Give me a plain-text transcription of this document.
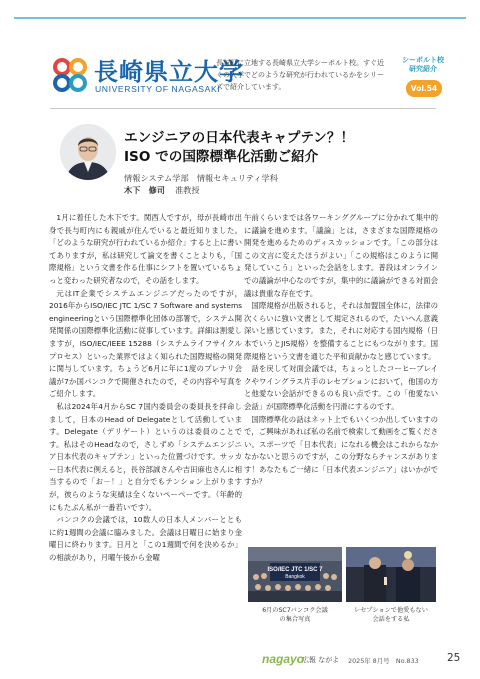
長崎県立大学
UNIVERSITY OF NAGASAKI
長与町に立地する長崎県立大学シーボルト校。すぐ近くの大学でどのような研究が行われているかをシリーズで紹介しています。
シーボルト校
研究紹介
Vol.54
エンジニアの日本代表キャプテン？！
ISO での国際標準化活動ご紹介
情報システム学部　情報セキュリティ学科
木下　修司 准教授

1月に着任した木下です。関西人ですが，母が長崎市出身で長与町内にも親戚が住んでいると最近知りました。「どのような研究が行われているか紹介」すると上に書いてありますが，私は研究して論文を書くことよりも，「国際規格」という文書を作る仕事にシフトを置いているちょっと変わった研究者なので，その話をします。

元はIT企業でシステムエンジニアだったのですが，2016年からISO/IEC JTC 1/SC 7 Software and systems engineeringという国際標準化団体の部署で，システム開発関係の国際標準化活動に従事しています。詳細は割愛しますが，ISO/IEC/IEEE 15288（システムライフサイクルプロセス）といった業界ではよく知られた国際規格の開発に関与しています。ちょうど6月に年に1度のプレナリ会議が7か国パンコクで開催されたので，その内容や写真をご紹介します。

私は2024年4月からSC 7国内委員会の委員長を拝命しまして，日本のHead of Delegateとして活動しています。Delegate（デリゲート）というのは委員のことです。私はそのHeadなので，さしずめ「システムエンジニア日本代表のキャプテン」といった位置づけです。サッカー日本代表に例えると，長谷部誠さんや吉田麻也さんに相当するので「お－！」と自分でもテンション上がりますが，彼らのような実績は全くないペーペーです。（年齢的にもたぶん私が一番若いです）。

バンコクの会議では，10数人の日本人メンバーとともに約1週間の会議に臨みました。会議は日曜日に始まり金曜日に終わります。日月と「この1週間で何を決めるか」の相談があり，月曜午後から金曜

午前くらいまでは各ワーキンググループに分かれて集中的に議論を進めます。「議論」とは，さまざまな国際規格の開発を進めるためのディスカッションです。「この部分はこの文言に変えたほうがよい」「この規格はこのように開発していこう」といった会話をします。普段はオンラインでの議論が中心なのですが，集中的に議論ができる対面会議は貴重な存在です。

国際規格が出版されると，それは加盟国全体に，法律の次くらいに強い文書として規定されるので，たいへん意義深いと感じています。また，それに対応する国内規格（日本でいうとJIS規格）を整備することにもつながります。国際規格という文書を通じた平和貢献かなと感じています。

話を戻して対面会議では，ちょっとしたコーヒーブレイクやワイングラス片手のレセプションにおいて，他国の方と他愛ない会話ができるのも良い点です。この「他愛ない会話」が国際標準化活動を円滑にするのです。

国際標準化の話はネット上でもいくつか出していますので，ご興味があれば私の名前で検索して動画をご覧ください。スポーツで「日本代表」になれる機会はこれからなかなかないと思うのですが，この分野ならチャンスがあります！あなたもご一緒に「日本代表エンジニア」はいかがですか？

ISO/IEC JTC 1/SC 7
Bangkok
6月のSC7バンコク会議
の集合写真
レセプションで他愛もない
会話をする私
nagayo
広報 ながよ 2025年 8月号　No.833	25
